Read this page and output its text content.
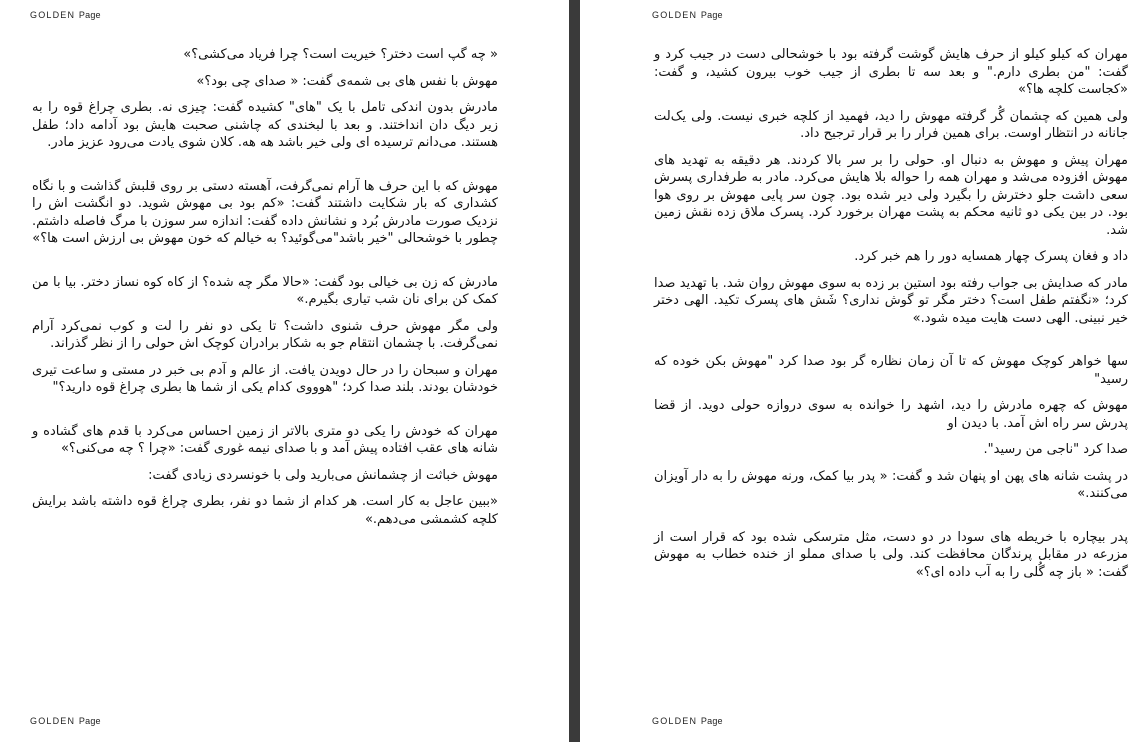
GOLDEN Page

« چه گپ است دختر؟ خیریت است؟ چرا فریاد می‌کشی؟»

مهوش با نفس های بی شمه‌ی گفت: « صدای چی بود؟»

مادرش بدون اندکی تامل با یک "های" کشیده گفت: چیزی نه. بطری چراغ قوه را به زیر دیگ دان انداختند. و بعد با لبخندی که چاشنی صحبت هایش بود آدامه داد؛ طفل هستند. می‌دانم ترسیده ای ولی خیر باشد هه هه. کلان شوی یادت می‌رود عزیز مادر.

مهوش که با این حرف ها آرام نمی‌گرفت، آهسته دستی بر روی قلبش گذاشت و با نگاه کشداری که بار شکایت داشتند گفت: «کم بود بی مهوش شوید. دو انگشت اش را نزدیک صورت مادرش بُرد و نشانش داده گفت: اندازه سر سوزن با مرگ فاصله داشتم. چطور با خوشحالی "خیر باشد"می‌گوئید؟ به خیالم که خون مهوش بی ارزش است ها؟»

مادرش که زن بی خیالی بود گفت: «حالا مگر چه شده؟ از کاه کوه نساز دختر. بیا با من کمک کن برای نان شب تیاری بگیرم.»

ولی مگر مهوش حرف شنوی داشت؟ تا یکی دو نفر را لت و کوب نمی‌کرد آرام نمی‌گرفت. با چشمان انتقام جو به شکار برادران کوچک اش حولی را از نظر گذراند.

مهران و سبحان را در حال دویدن یافت. از عالم و آدم بی خبر در مستی و ساعت تیری خودشان بودند. بلند صدا کرد؛ "هوووی کدام یکی از شما ها بطری چراغ قوه دارید؟"

مهران که خودش را یکی دو متری بالاتر از زمین احساس می‌کرد با قدم های گشاده و شانه های عقب افتاده پیش آمد و با صدای نیمه غوری گفت: «چرا ؟ چه می‌کنی؟»

مهوش خباثت از چشمانش می‌بارید ولی با خونسردی زیادی گفت:

«ببین عاجل به کار است. هر کدام از شما دو نفر، بطری چراغ قوه داشته باشد برایش کلچه کشمشی می‌دهم.»

GOLDEN Page
GOLDEN Page

مهران که کیلو کیلو از حرف هایش گوشت گرفته بود با خوشحالی دست در جیب کرد و گفت: "من بطری دارم." و بعد سه تا بطری از جیب خوب بیرون کشید، و گفت: «کجاست کلچه ها؟»

ولی همین که چشمان گُر گرفته مهوش را دید، فهمید از کلچه خبری نیست. ولی یک‌لت جانانه در انتظار اوست. برای همین فرار را بر قرار ترجیح داد.

مهران پیش و مهوش به دنبال او. حولی را بر سر بالا کردند. هر دقیقه به تهدید های مهوش افزوده می‌شد و مهران همه را حواله بلا هایش می‌کرد. مادر به طرفداری پسرش سعی داشت جلو دخترش را بگیرد ولی دیر شده بود. چون سر پایی مهوش بر روی هوا بود. در بین یکی دو ثانیه محکم به پشت مهران برخورد کرد. پسرک ملاق زده نقش زمین شد.

داد و فغان پسرک چهار همسایه دور را هم خبر کرد.

مادر که صدایش بی جواب رفته بود استین بر زده به سوی مهوش روان شد. با تهدید صدا کرد؛ «نگفتم طفل است؟ دختر مگر تو گوش نداری؟ شَش های پسرک تکید. الهی دختر خیر نبینی. الهی دست هایت میده شود.»

سها خواهر کوچک مهوش که تا آن زمان نظاره گر بود صدا کرد "مهوش بکن خوده که رسید"

مهوش که چهره مادرش را دید، اشهد را خوانده به سوی دروازه حولی دوید. از قضا پدرش سر راه اش آمد. با دیدن او

صدا کرد "ناجی من رسید".

در پشت شانه های پهن او پنهان شد و گفت: « پدر بیا کمک، ورنه مهوش را به دار آویزان می‌کنند.»

پدر بیچاره با خریطه های سودا در دو دست، مثل مترسکی شده بود که قرار است از مزرعه در مقابل پرندگان محافظت کند. ولی با صدای مملو از خنده خطاب به مهوش گفت: « باز چه گُلی را به آب داده ای؟»

GOLDEN Page
